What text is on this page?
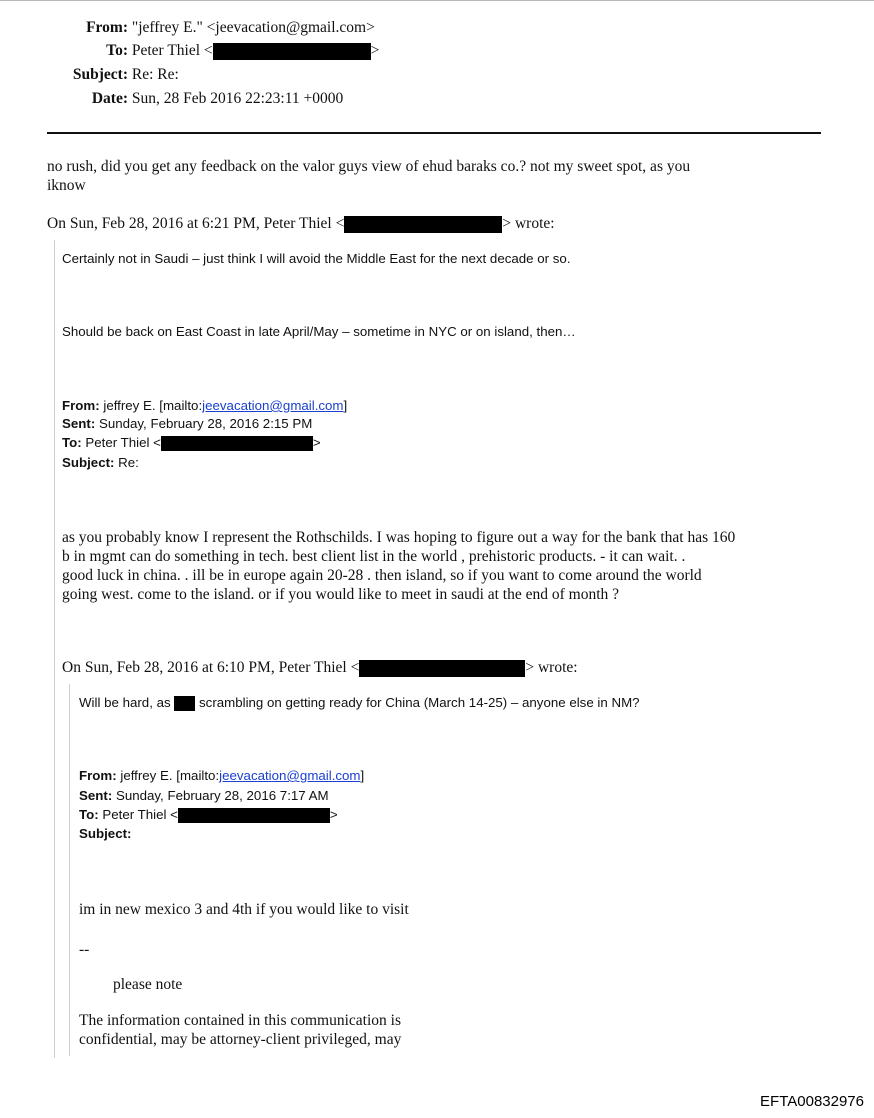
From: "jeffrey E." <jeevacation@gmail.com>
To: Peter Thiel <	>
Subject: Re: Re:
Date: Sun, 28 Feb 2016 22:23:11 +0000
no rush, did you get any feedback on the valor guys view of ehud baraks co.? not my sweet spot, as you
iknow
On Sun, Feb 28, 2016 at 6:21 PM, Peter Thiel <	> wrote:
Certainly not in Saudi – just think I will avoid the Middle East for the next decade or so.
Should be back on East Coast in late April/May – sometime in NYC or on island, then…
From: jeffrey E. [mailto:jeevacation@gmail.com]
Sent: Sunday, February 28, 2016 2:15 PM
To: Peter Thiel <	>
Subject: Re:
as you probably know I represent the Rothschilds. I was hoping to figure out a way for the bank that has 160
b in mgmt can do something in tech. best client list in the world , prehistoric products. - it can wait. .
good luck in china. . ill be in europe again 20-28 . then island, so if you want to come around the world
going west. come to the island. or if you would like to meet in saudi at the end of month ?
On Sun, Feb 28, 2016 at 6:10 PM, Peter Thiel <	> wrote:
Will be hard, as  scrambling on getting ready for China (March 14-25) – anyone else in NM?
From: jeffrey E. [mailto:jeevacation@gmail.com]
Sent: Sunday, February 28, 2016 7:17 AM
To: Peter Thiel <	>
Subject:
im in new mexico 3 and 4th if you would like to visit
--
please note
The information contained in this communication is
confidential, may be attorney-client privileged, may
EFTA00832976
